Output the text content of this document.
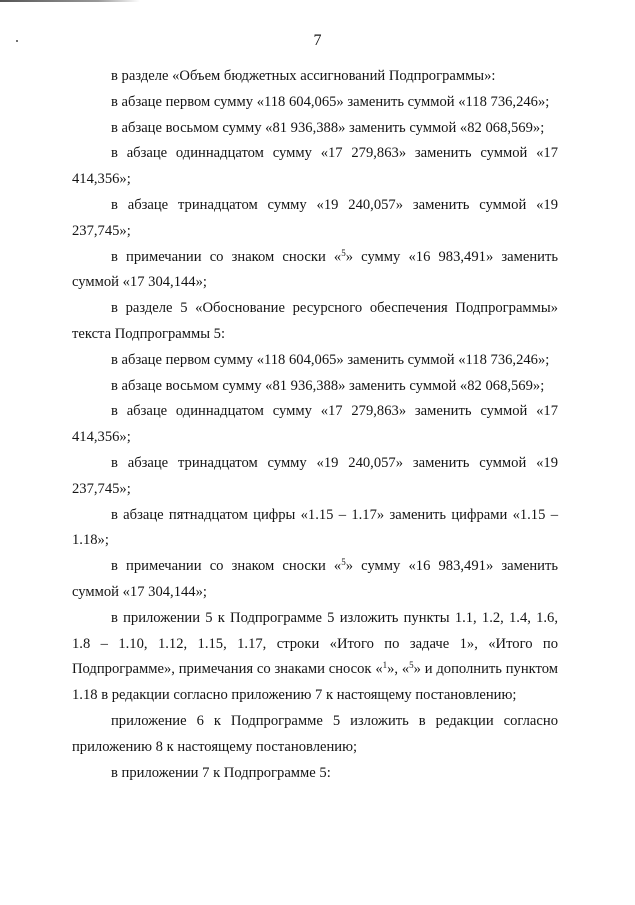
7

в разделе «Объем бюджетных ассигнований Подпрограммы»:

в абзаце первом сумму «118 604,065» заменить суммой «118 736,246»;

в абзаце восьмом сумму «81 936,388» заменить суммой «82 068,569»;

в абзаце одиннадцатом сумму «17 279,863» заменить суммой «17 414,356»;

в абзаце тринадцатом сумму «19 240,057» заменить суммой «19 237,745»;

в примечании со знаком сноски «$^5$» сумму «16 983,491» заменить суммой «17 304,144»;

в разделе 5 «Обоснование ресурсного обеспечения Подпрограммы» текста Подпрограммы 5:

в абзаце первом сумму «118 604,065» заменить суммой «118 736,246»;

в абзаце восьмом сумму «81 936,388» заменить суммой «82 068,569»;

в абзаце одиннадцатом сумму «17 279,863» заменить суммой «17 414,356»;

в абзаце тринадцатом сумму «19 240,057» заменить суммой «19 237,745»;

в абзаце пятнадцатом цифры «1.15 – 1.17» заменить цифрами «1.15 – 1.18»;

в примечании со знаком сноски «$^5$» сумму «16 983,491» заменить суммой «17 304,144»;

в приложении 5 к Подпрограмме 5 изложить пункты 1.1, 1.2, 1.4, 1.6, 1.8 – 1.10, 1.12, 1.15, 1.17, строки «Итого по задаче 1», «Итого по Подпрограмме», примечания со знаками сносок «$^1$», «$^5$» и дополнить пунктом 1.18 в редакции согласно приложению 7 к настоящему постановлению;

приложение 6 к Подпрограмме 5 изложить в редакции согласно приложению 8 к настоящему постановлению;

в приложении 7 к Подпрограмме 5:
